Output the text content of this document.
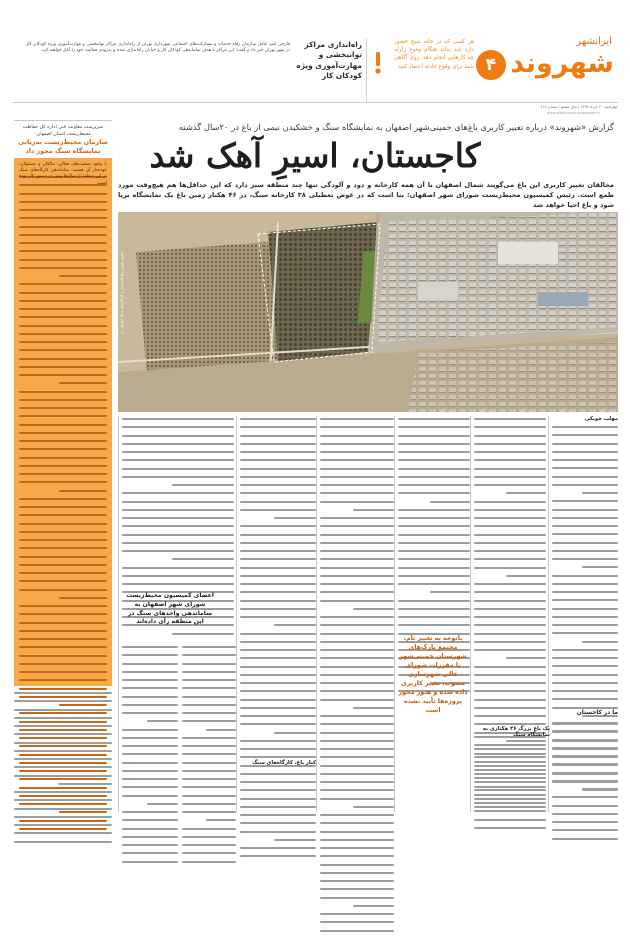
ایرانشهر
شهروند
۴
هر کسی که در خانه شیخ حضور دارد باید بداند هنگام وقوع زلزله چه کارهایی انجام دهد. روی آگاهی شما برای وقوع حادثه اعتماد کنید
راه‌اندازی مراکز توانبخشی و مهارت‌آموزی ویژه کودکان کار
قارچی امیر عامل سازمان رفاه خدمات و مشارکت‌های اجتماعی شهرداری تهران از راه‌اندازی مراکز توانبخشی و مهارت‌آموزی ویژه کودکان کار در شهر تهران خبر داد و گفت: این مراکز با هدف ساماندهی کودکان کار و خیابان راه‌اندازی شده و به‌زودی فعالیت خود را آغاز خواهند کرد.
چهارشنبه ۲۰ خرداد ۱۳۹۴ | سال هشتم | شماره ۶۱۸
www.shahrvand-newspaper.ir
گزارش «شهروند» درباره تغییر کاربری باغ‌های خمینی‌شهر اصفهان به نمایشگاه سنگ و خشکیدن نیمی از باغ در ۲۰سال گذشته
کاجستان، اسیرِ آهک شد
مخالفان تغییر کاربری این باغ می‌گویند شمال اصفهان با آن همه کارخانه و دود و آلودگی تنها چند منطقه سبز دارد که این حداقل‌ها هم هیچ‌وقت مورد طمع است. رئیس کمیسیون محیط‌زیست شورای شهر اصفهان: بنا است که در عوض تعطیلی ۳۸ کارخانه سنگ، در ۴۶ هکتار زمین باغ یک نمایشگاه برپا شود و باغ احیا خواهد شد
سرپرست معاونت فنی اداره کل حفاظت محیط‌زیست استان اصفهان:
سازمان محیط‌زیست به‌زیانی نمایشگاه سنگ مجوز داد
با وجود صحبت‌های فعالی، مالکان و مسئولان، عهده‌دار آن هستند. ساماندهی کارگاه‌های سنگ در این منطقه از سال‌ها پیش در دستور کار بوده است.
تصویر هوایی باغ کاجستان و کارگاه‌های سنگ اطراف آن
باتوجه به تغییر نام، مجتمع پارک‌های شهرستان خمینی‌شهر با مقررات شورای عالی شهرسازی مصوب، تغییر کاربری داده شده و هنوز مجوز پروژه‌ها تأیید نشده است
اعضای کمیسیون محیط‌زیست شورای شهر اصفهان به ساماندهی واحدهای سنگ در این منطقه رأی داده‌اند
مهلت چوبکی
ما در کاجستان
یک باغ بزرگ ۴۶ هکتاری به نمایشگاه سنگ
کنار باغ، کارگاه‌های سنگ
